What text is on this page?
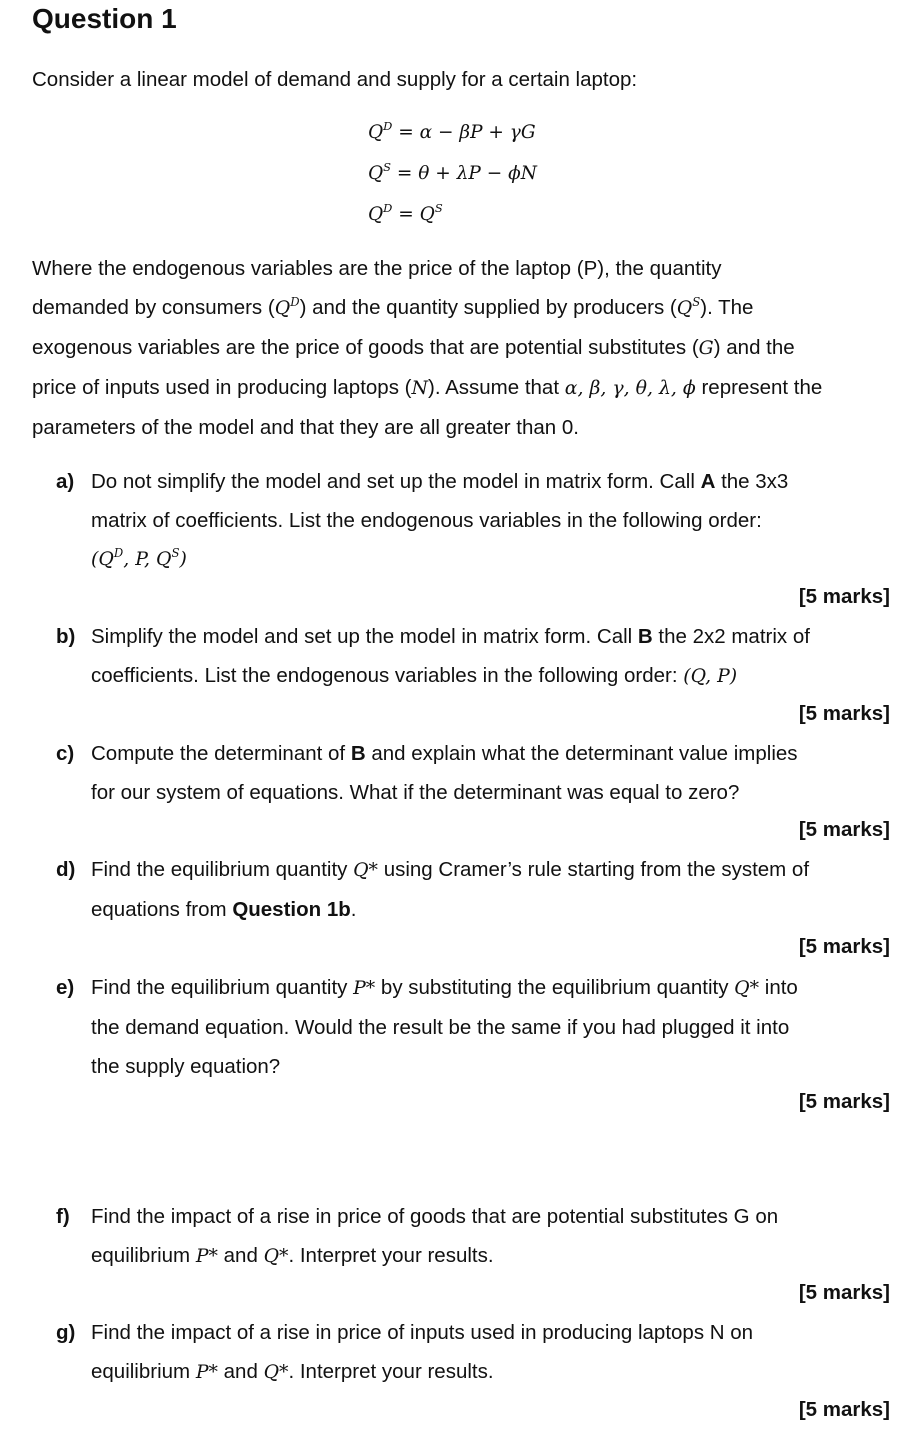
Question 1
Consider a linear model of demand and supply for a certain laptop:
$Q^D = \alpha - \beta P + \gamma G$
$Q^S = \theta + \lambda P - \phi N$
$Q^D = Q^S$
Where the endogenous variables are the price of the laptop (P), the quantity
demanded by consumers $(Q^D)$ and the quantity supplied by producers $(Q^S)$. The
exogenous variables are the price of goods that are potential substitutes (G) and the
price of inputs used in producing laptops (N). Assume that α, β, γ, θ, λ, ϕ represent the
parameters of the model and that they are all greater than 0.
a) Do not simplify the model and set up the model in matrix form. Call A the 3x3
matrix of coefficients. List the endogenous variables in the following order:
($Q^D$, P, $Q^S$)
[5 marks]
b) Simplify the model and set up the model in matrix form. Call B the 2x2 matrix of
coefficients. List the endogenous variables in the following order: (Q, P)
[5 marks]
c) Compute the determinant of B and explain what the determinant value implies
for our system of equations. What if the determinant was equal to zero?
[5 marks]
d) Find the equilibrium quantity Q* using Cramer’s rule starting from the system of
equations from Question 1b.
[5 marks]
e) Find the equilibrium quantity P* by substituting the equilibrium quantity Q* into
the demand equation. Would the result be the same if you had plugged it into
the supply equation?
[5 marks]
f) Find the impact of a rise in price of goods that are potential substitutes G on
equilibrium P* and Q*. Interpret your results.
[5 marks]
g) Find the impact of a rise in price of inputs used in producing laptops N on
equilibrium P* and Q*. Interpret your results.
[5 marks]
